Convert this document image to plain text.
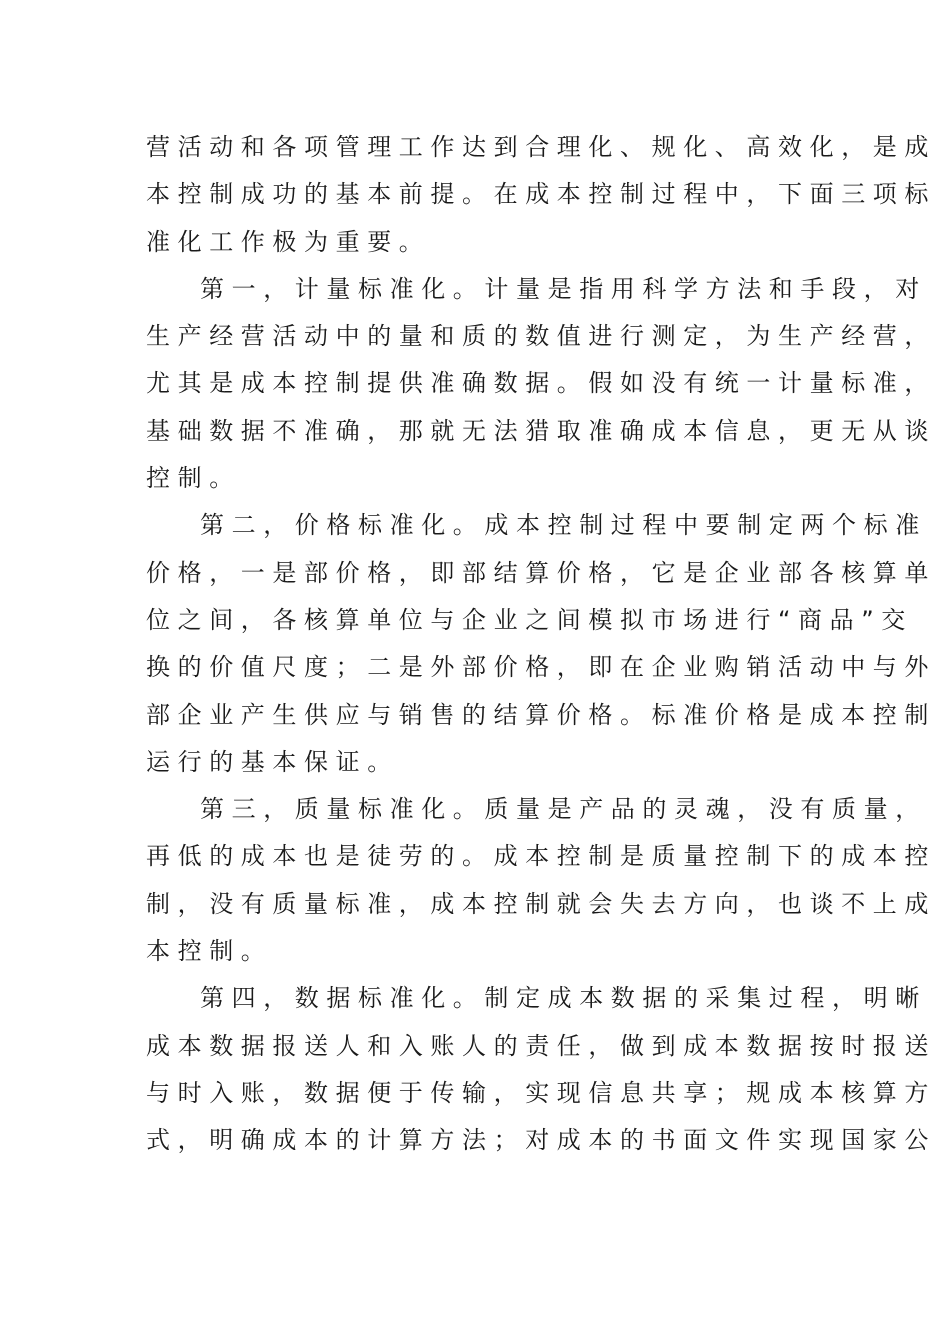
营活动和各项管理工作达到合理化、规化、高效化，是成
本控制成功的基本前提。在成本控制过程中，下面三项标
准化工作极为重要。
第一，计量标准化。计量是指用科学方法和手段，对
生产经营活动中的量和质的数值进行测定，为生产经营，
尤其是成本控制提供准确数据。假如没有统一计量标准，
基础数据不准确，那就无法猎取准确成本信息，更无从谈
控制。
第二，价格标准化。成本控制过程中要制定两个标准
价格，一是部价格，即部结算价格，它是企业部各核算单
位之间，各核算单位与企业之间模拟市场进行“商品”交
换的价值尺度；二是外部价格，即在企业购销活动中与外
部企业产生供应与销售的结算价格。标准价格是成本控制
运行的基本保证。
第三，质量标准化。质量是产品的灵魂，没有质量，
再低的成本也是徒劳的。成本控制是质量控制下的成本控
制，没有质量标准，成本控制就会失去方向，也谈不上成
本控制。
第四，数据标准化。制定成本数据的采集过程，明晰
成本数据报送人和入账人的责任，做到成本数据按时报送
与时入账，数据便于传输，实现信息共享；规成本核算方
式，明确成本的计算方法；对成本的书面文件实现国家公
